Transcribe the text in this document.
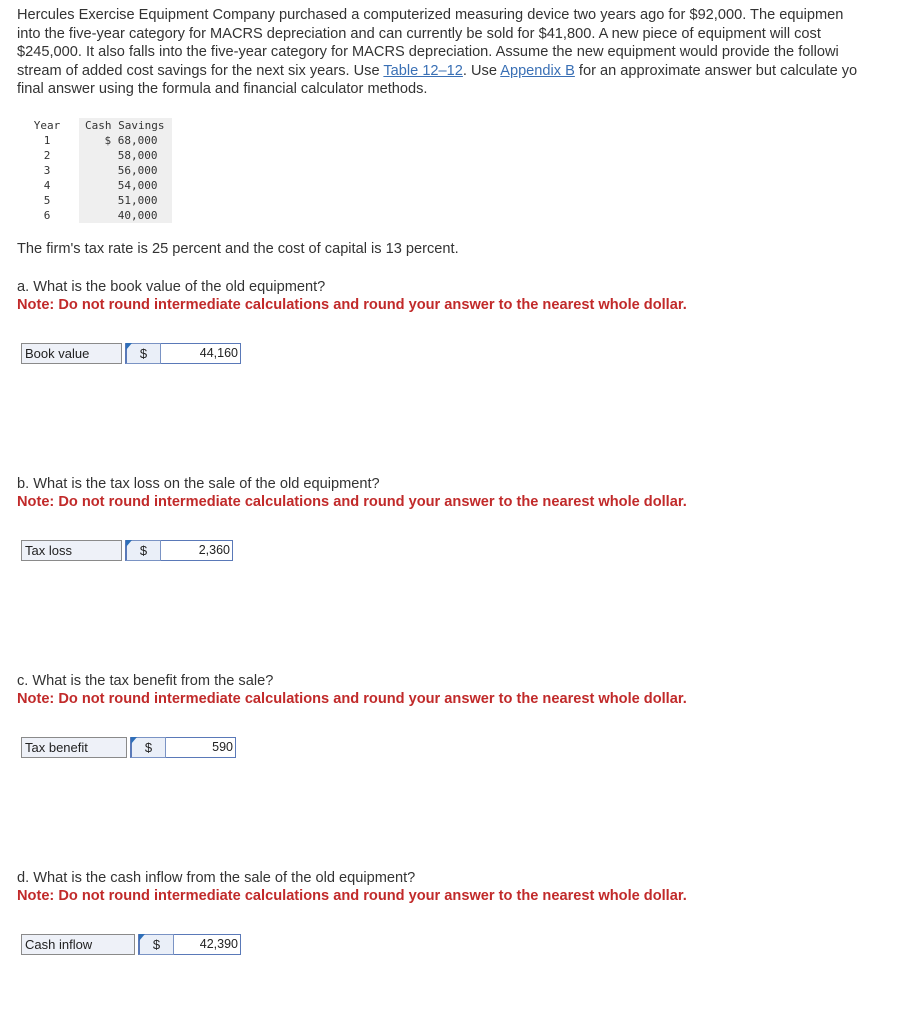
Hercules Exercise Equipment Company purchased a computerized measuring device two years ago for $92,000. The equipmen
into the five-year category for MACRS depreciation and can currently be sold for $41,800. A new piece of equipment will cost
$245,000. It also falls into the five-year category for MACRS depreciation. Assume the new equipment would provide the followi
stream of added cost savings for the next six years. Use Table 12–12. Use Appendix B for an approximate answer but calculate yo
final answer using the formula and financial calculator methods.
Year	Cash Savings
1	$ 68,000
2	58,000
3	56,000
4	54,000
5	51,000
6	40,000
The firm's tax rate is 25 percent and the cost of capital is 13 percent.
a. What is the book value of the old equipment?
Note: Do not round intermediate calculations and round your answer to the nearest whole dollar.
Book value	$	44,160
b. What is the tax loss on the sale of the old equipment?
Note: Do not round intermediate calculations and round your answer to the nearest whole dollar.
Tax loss	$	2,360
c. What is the tax benefit from the sale?
Note: Do not round intermediate calculations and round your answer to the nearest whole dollar.
Tax benefit	$	590
d. What is the cash inflow from the sale of the old equipment?
Note: Do not round intermediate calculations and round your answer to the nearest whole dollar.
Cash inflow	$	42,390
